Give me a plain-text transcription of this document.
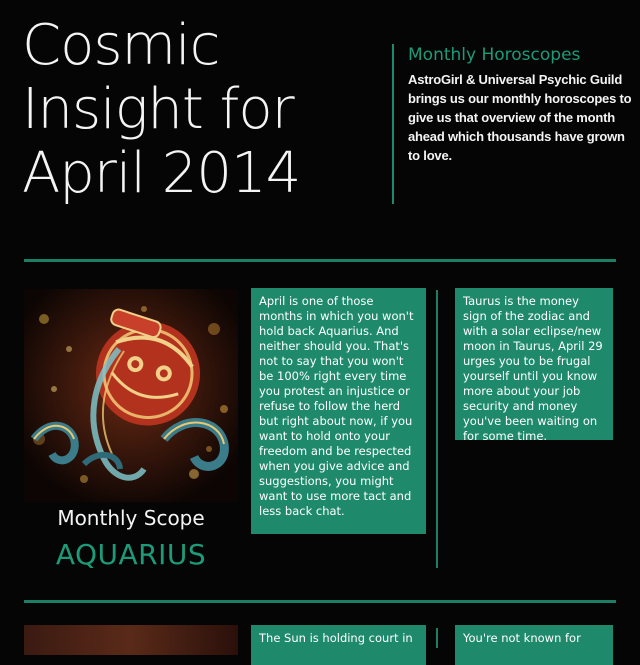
Cosmic
Insight for
April 2014
Monthly Horoscopes

AstroGirl & Universal Psychic Guild brings us our monthly horoscopes to give us that overview of the month ahead which thousands have grown to love.

Monthly Scope
AQUARIUS
April is one of those months in which you won't hold back Aquarius. And neither should you. That's not to say that you won't be 100% right every time you protest an injustice or refuse to follow the herd but right about now, if you want to hold onto your freedom and be respected when you give advice and suggestions, you might want to use more tact and less back chat.
Taurus is the money sign of the zodiac and with a solar eclipse/new moon in Taurus, April 29 urges you to be frugal yourself until you know more about your job security and money you've been waiting on for some time.
The Sun is holding court in	You're not known for
